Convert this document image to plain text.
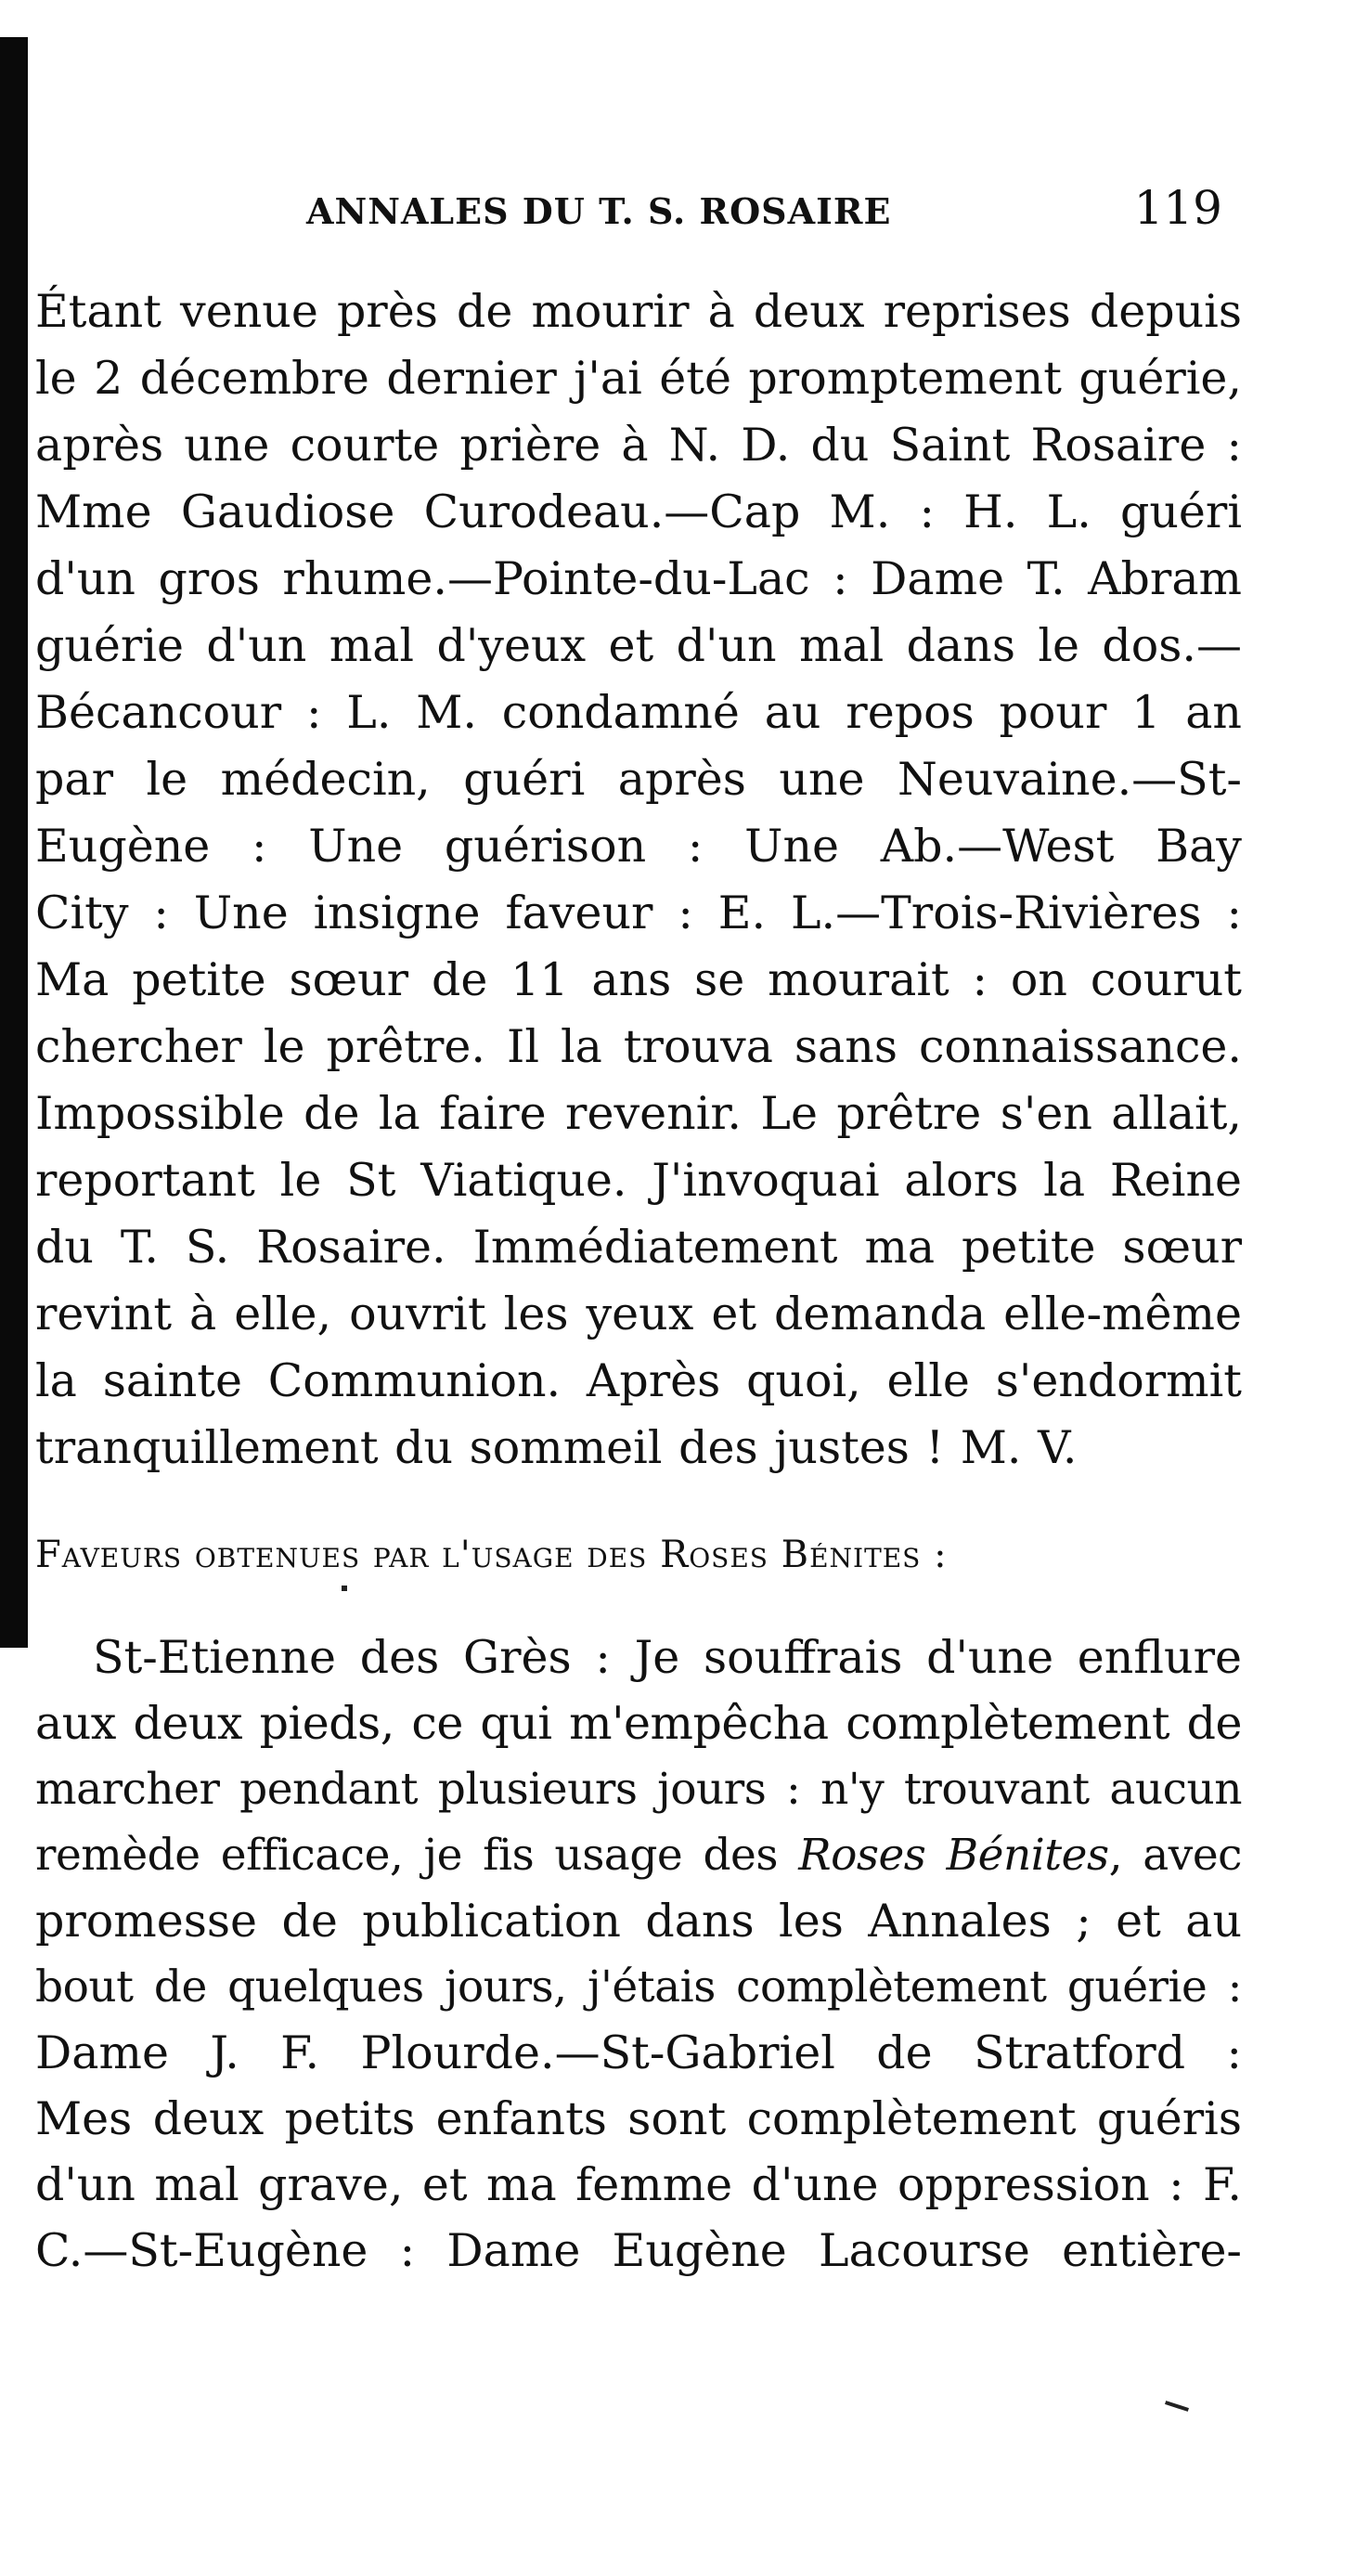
ANNALES DU T. S. ROSAIRE	119
Étant venue près de mourir à deux reprises depuis
le 2 décembre dernier j'ai été promptement guérie,
après une courte prière à N. D. du Saint Rosaire :
Mme Gaudiose Curodeau.—Cap M. : H. L. guéri
d'un gros rhume.—Pointe-du-Lac : Dame T. Abram
guérie d'un mal d'yeux et d'un mal dans le dos.—
Bécancour : L. M. condamné au repos pour 1 an
par le médecin, guéri après une Neuvaine.—St-
Eugène : Une guérison : Une Ab.—West Bay
City : Une insigne faveur : E. L.—Trois-Rivières :
Ma petite sœur de 11 ans se mourait : on courut
chercher le prêtre. Il la trouva sans connaissance.
Impossible de la faire revenir. Le prêtre s'en allait,
reportant le St Viatique. J'invoquai alors la Reine
du T. S. Rosaire. Immédiatement ma petite sœur
revint à elle, ouvrit les yeux et demanda elle-même
la sainte Communion. Après quoi, elle s'endormit
tranquillement du sommeil des justes ! M. V.
Faveurs obtenues par l'usage des Roses Bénites :
St-Etienne des Grès : Je souffrais d'une enflure
aux deux pieds, ce qui m'empêcha complètement de
marcher pendant plusieurs jours : n'y trouvant aucun
remède efficace, je fis usage des Roses Bénites, avec
promesse de publication dans les Annales ; et au
bout de quelques jours, j'étais complètement guérie :
Dame J. F. Plourde.—St-Gabriel de Stratford :
Mes deux petits enfants sont complètement guéris
d'un mal grave, et ma femme d'une oppression : F.
C.—St-Eugène : Dame Eugène Lacourse entière-
